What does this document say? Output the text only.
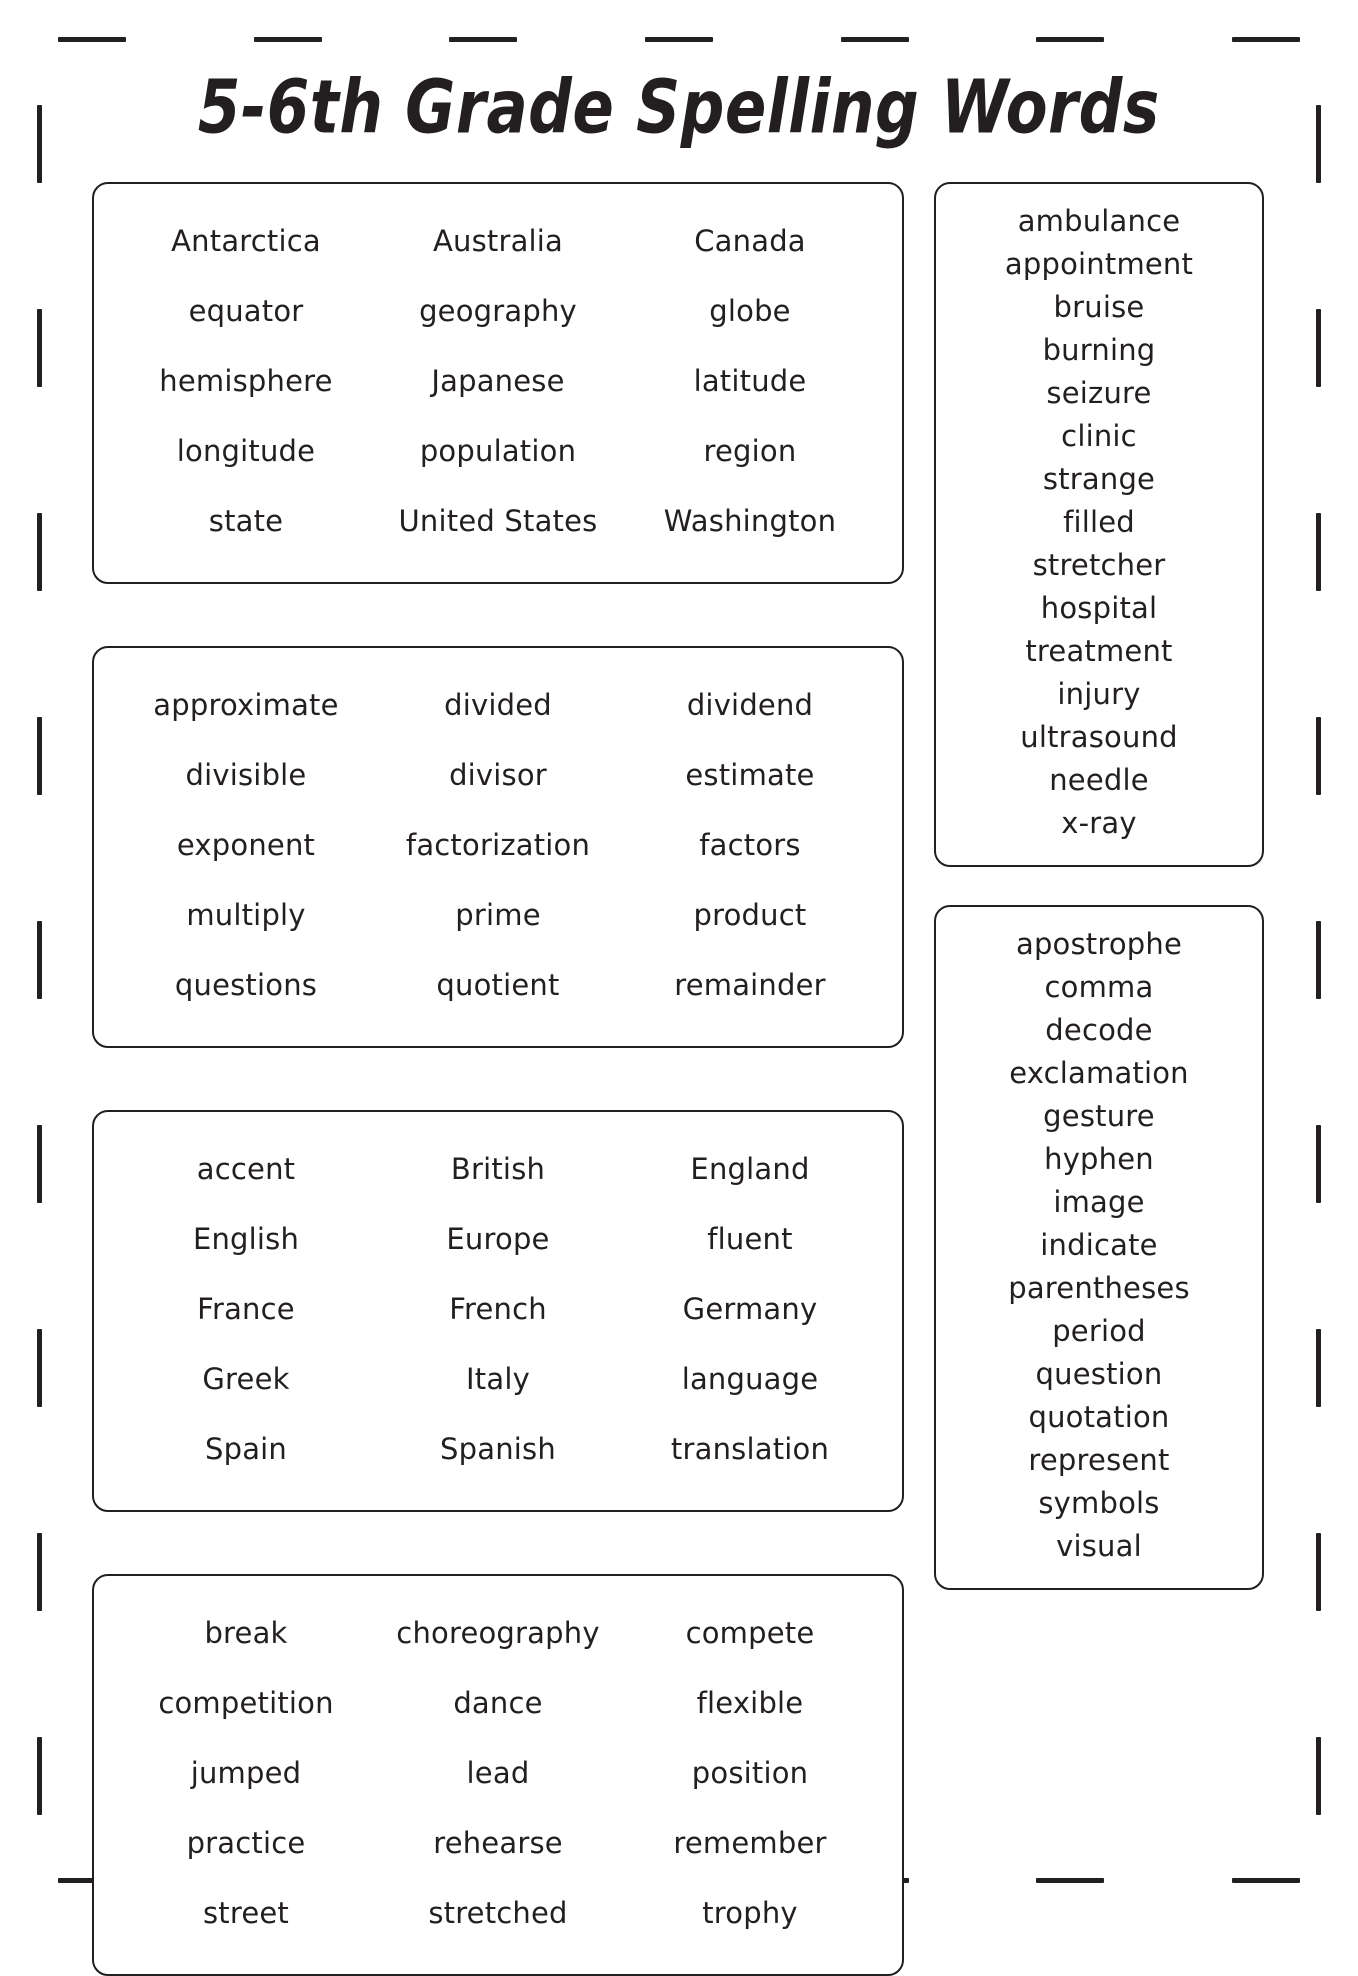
5-6th Grade Spelling Words
Antarctica	Australia	Canada
equator	geography	globe
hemisphere	Japanese	latitude
longitude	population	region
state	United States	Washington
approximate	divided	dividend
divisible	divisor	estimate
exponent	factorization	factors
multiply	prime	product
questions	quotient	remainder
accent	British	England
English	Europe	fluent
France	French	Germany
Greek	Italy	language
Spain	Spanish	translation
break	choreography	compete
competition	dance	flexible
jumped	lead	position
practice	rehearse	remember
street	stretched	trophy
ambulance
appointment
bruise
burning
seizure
clinic
strange
filled
stretcher
hospital
treatment
injury
ultrasound
needle
x-ray
apostrophe
comma
decode
exclamation
gesture
hyphen
image
indicate
parentheses
period
question
quotation
represent
symbols
visual
